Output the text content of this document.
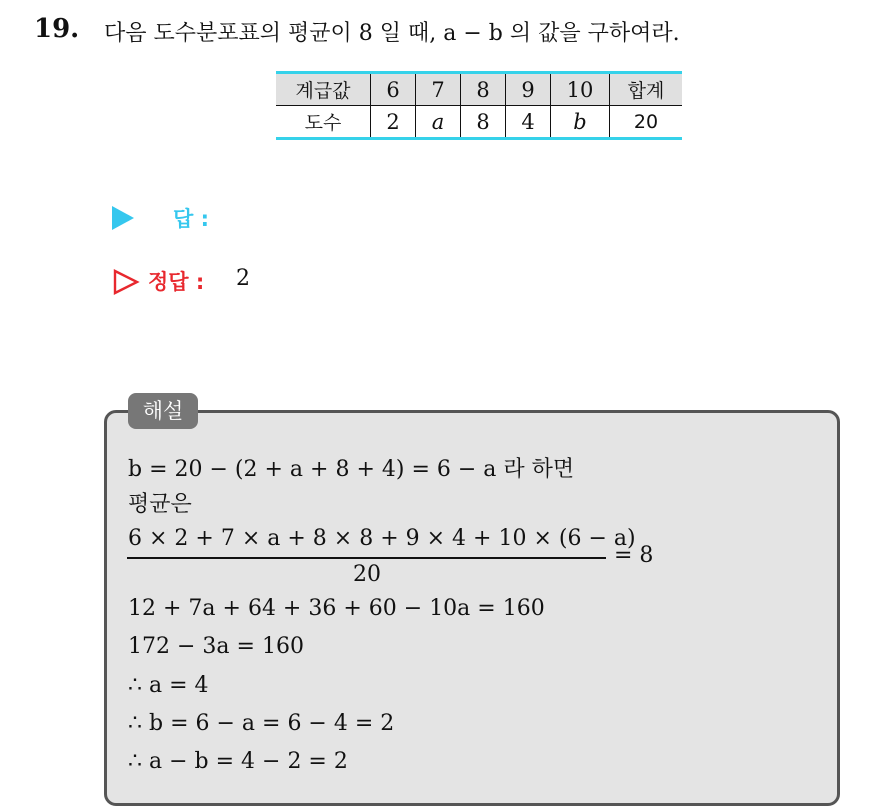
19. 다음 도수분포표의 평균이 8 일 때, a − b 의 값을 구하여라.
계급값	6	7	8	9	10	합계
도수	2	a	8	4	b	20
답 :
정답 : 2
해설
b = 20 − (2 + a + 8 + 4) = 6 − a 라 하면
평균은
6 × 2 + 7 × a + 8 × 8 + 9 × 4 + 10 × (6 − a)
20
= 8
12 + 7a + 64 + 36 + 60 − 10a = 160
172 − 3a = 160
∴ a = 4
∴ b = 6 − a = 6 − 4 = 2
∴ a − b = 4 − 2 = 2
